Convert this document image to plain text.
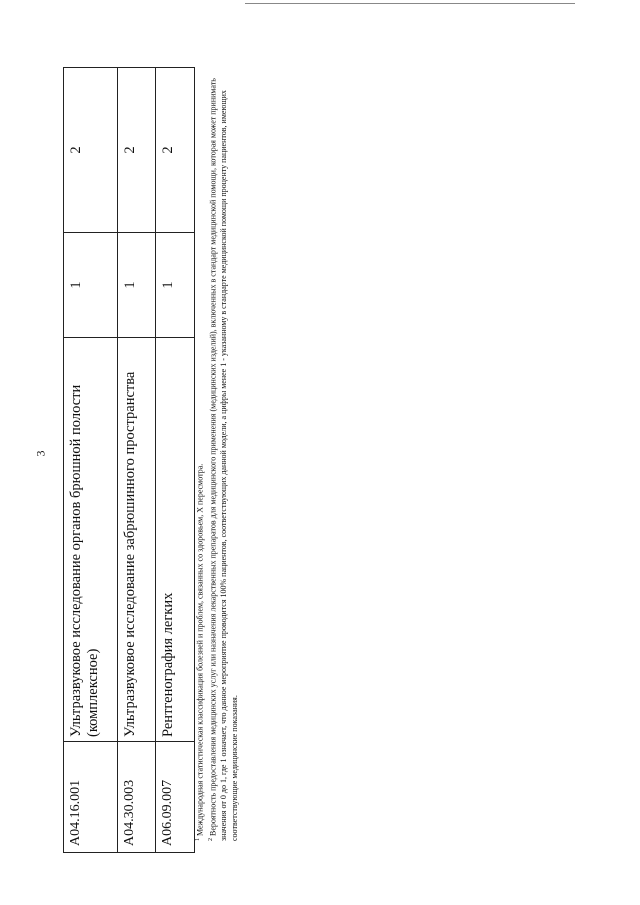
3
A04.16.001	Ультразвуковое исследование органов брюшной полости (комплексное)	1	2
A04.30.003	Ультразвуковое исследование забрюшинного пространства	1	2
A06.09.007	Рентгенография легких	1	2

$^1$ Международная статистическая классификация болезней и проблем, связанных со здоровьем, X пересмотра.

$^2$ Вероятность предоставления медицинских услуг или назначения лекарственных препаратов для медицинского применения (медицинских изделий), включенных в стандарт медицинской помощи, которая может принимать значения от 0 до 1, где 1 означает, что данное мероприятие проводится 100% пациентов, соответствующих данной модели, а цифры менее 1 - указанному в стандарте медицинской помощи проценту пациентов, имеющих соответствующие медицинские показания.
